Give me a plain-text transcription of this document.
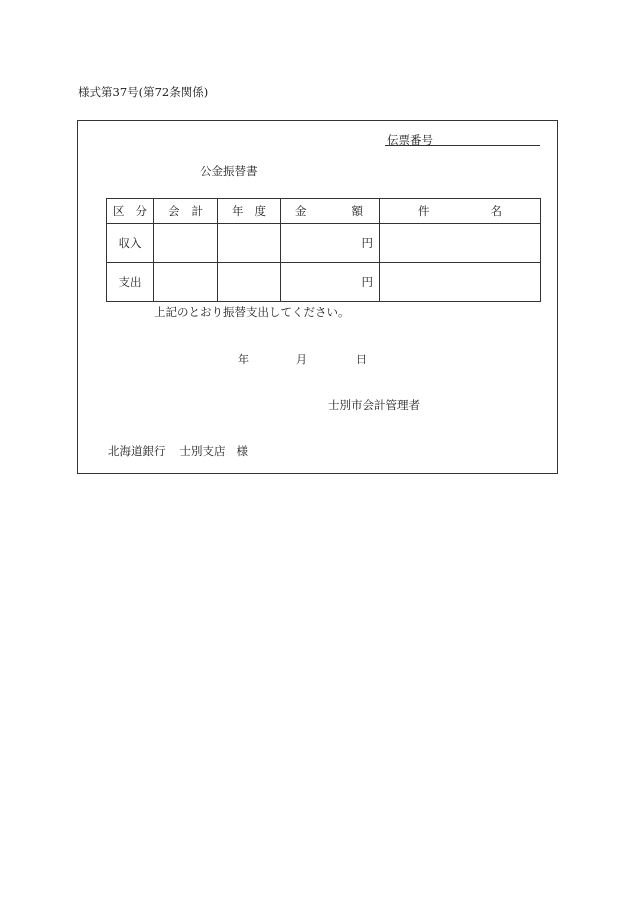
様式第37号(第72条関係)
伝票番号
公金振替書
区 分	会 計	年 度	金 額	件 名

収入			円	
支出			円	
上記のとおり振替支出してください。
年	月	日
士別市会計管理者
北海道銀行 士別支店 様
